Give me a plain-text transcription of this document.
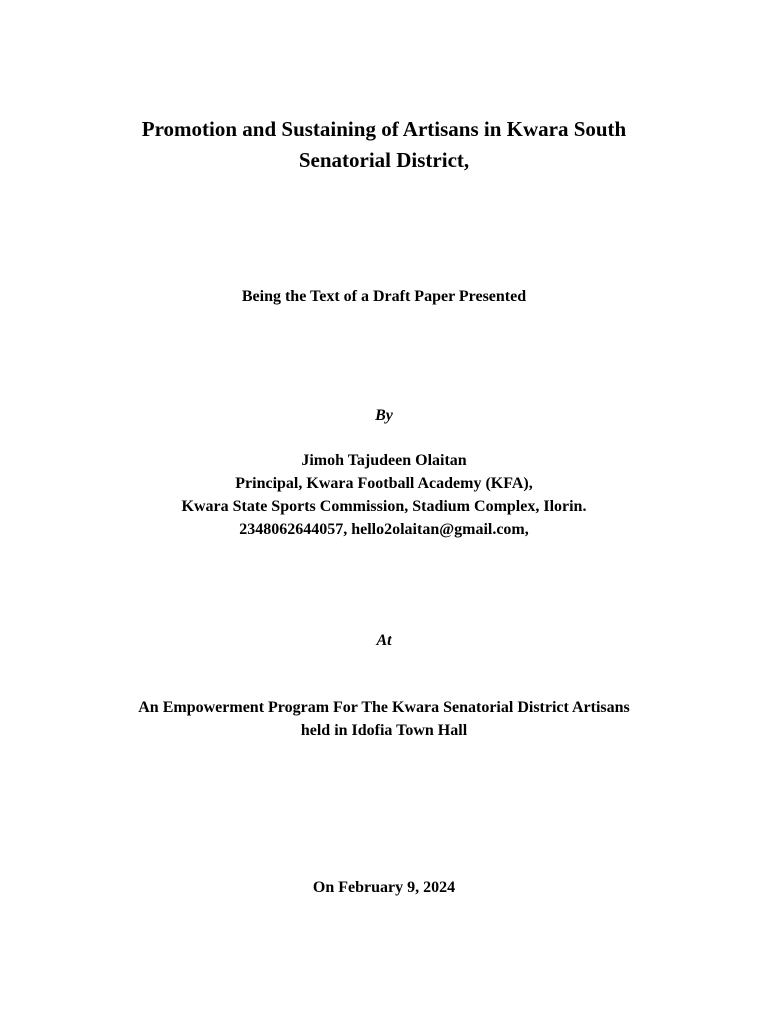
Promotion and Sustaining of Artisans in Kwara South
Senatorial District,
Being the Text of a Draft Paper Presented
By
Jimoh Tajudeen Olaitan
Principal, Kwara Football Academy (KFA),
Kwara State Sports Commission, Stadium Complex, Ilorin.
2348062644057, hello2olaitan@gmail.com,
At
An Empowerment Program For The Kwara Senatorial District Artisans
held in Idofia Town Hall
On February 9, 2024
